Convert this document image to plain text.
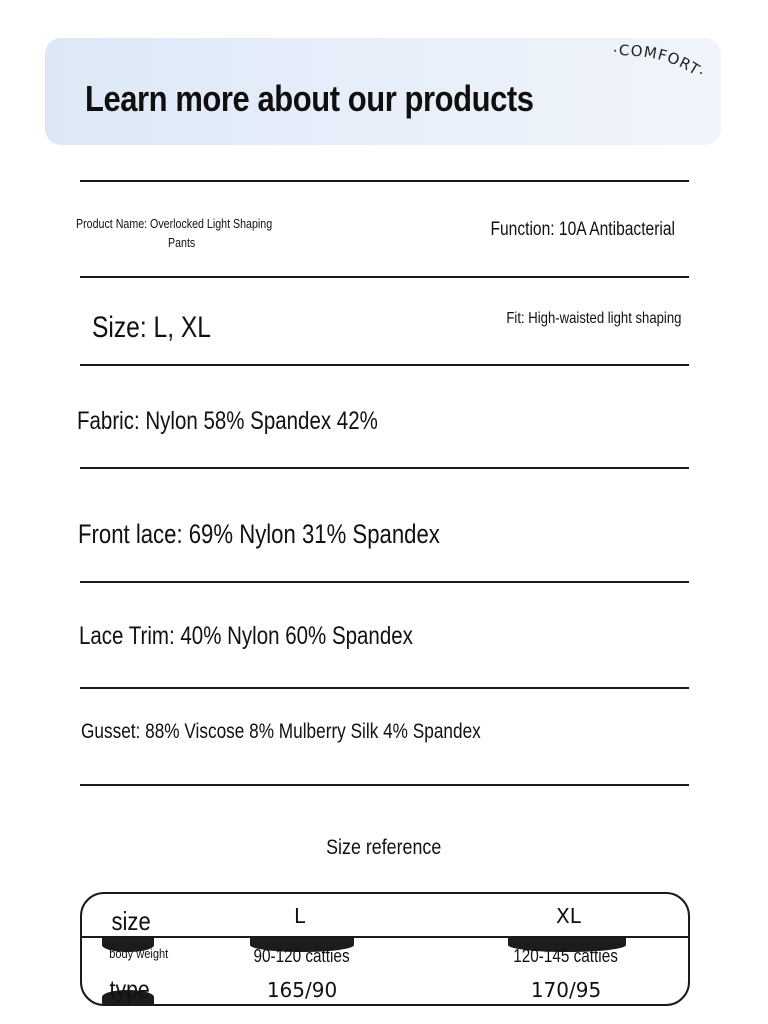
Learn more about our products
·COMFORT·
Product Name: Overlocked Light Shaping
Pants
Function: 10A Antibacterial
Size: L, XL	Fit: High-waisted light shaping
Fabric: Nylon 58% Spandex 42%
Front lace: 69% Nylon 31% Spandex
Lace Trim: 40% Nylon 60% Spandex
Gusset: 88% Viscose 8% Mulberry Silk 4% Spandex
Size reference
size	L	XL
body weight	90-120 catties	120-145 catties
type	165/90	170/95
